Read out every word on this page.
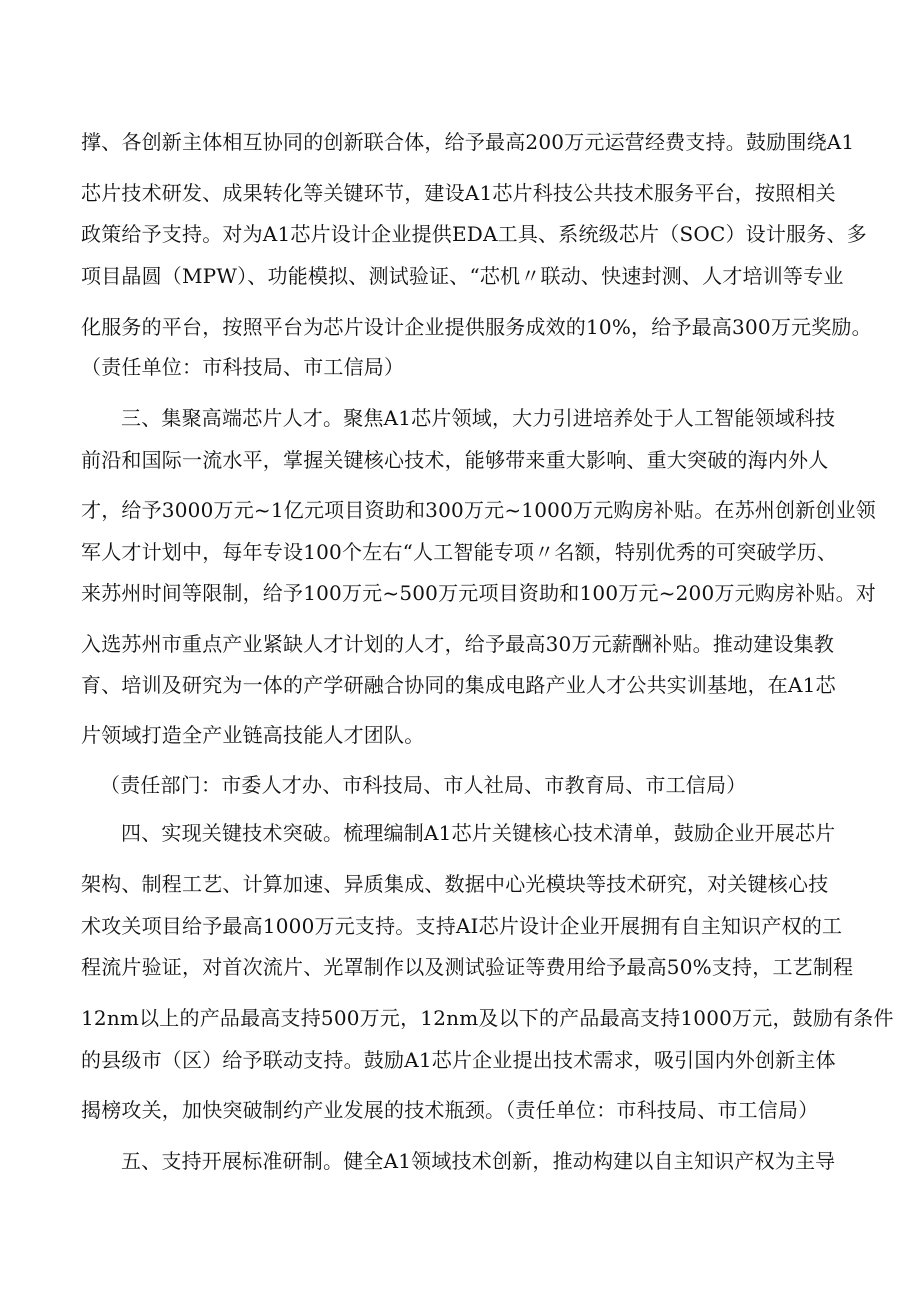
撑、各创新主体相互协同的创新联合体，给予最高200万元运营经费支持。鼓励围绕A1
芯片技术研发、成果转化等关键环节，建设A1芯片科技公共技术服务平台，按照相关
政策给予支持。对为A1芯片设计企业提供EDA工具、系统级芯片（SOC）设计服务、多
项目晶圆（MPW）、功能模拟、测试验证、“芯机〃联动、快速封测、人才培训等专业
化服务的平台，按照平台为芯片设计企业提供服务成效的10%，给予最高300万元奖励。
（责任单位：市科技局、市工信局）
三、集聚高端芯片人才。聚焦A1芯片领域，大力引进培养处于人工智能领域科技
前沿和国际一流水平，掌握关键核心技术，能够带来重大影响、重大突破的海内外人
才，给予3000万元~1亿元项目资助和300万元~1000万元购房补贴。在苏州创新创业领
军人才计划中，每年专设100个左右“人工智能专项〃名额，特别优秀的可突破学历、
来苏州时间等限制，给予100万元~500万元项目资助和100万元~200万元购房补贴。对
入选苏州市重点产业紧缺人才计划的人才，给予最高30万元薪酬补贴。推动建设集教
育、培训及研究为一体的产学研融合协同的集成电路产业人才公共实训基地，在A1芯
片领域打造全产业链高技能人才团队。
（责任部门：市委人才办、市科技局、市人社局、市教育局、市工信局）
四、实现关键技术突破。梳理编制A1芯片关键核心技术清单，鼓励企业开展芯片
架构、制程工艺、计算加速、异质集成、数据中心光模块等技术研究，对关键核心技
术攻关项目给予最高1000万元支持。支持AI芯片设计企业开展拥有自主知识产权的工
程流片验证，对首次流片、光罩制作以及测试验证等费用给予最高50%支持，工艺制程
12nm以上的产品最高支持500万元，12nm及以下的产品最高支持1000万元，鼓励有条件
的县级市（区）给予联动支持。鼓励A1芯片企业提出技术需求，吸引国内外创新主体
揭榜攻关，加快突破制约产业发展的技术瓶颈。（责任单位：市科技局、市工信局）
五、支持开展标准研制。健全A1领域技术创新，推动构建以自主知识产权为主导
